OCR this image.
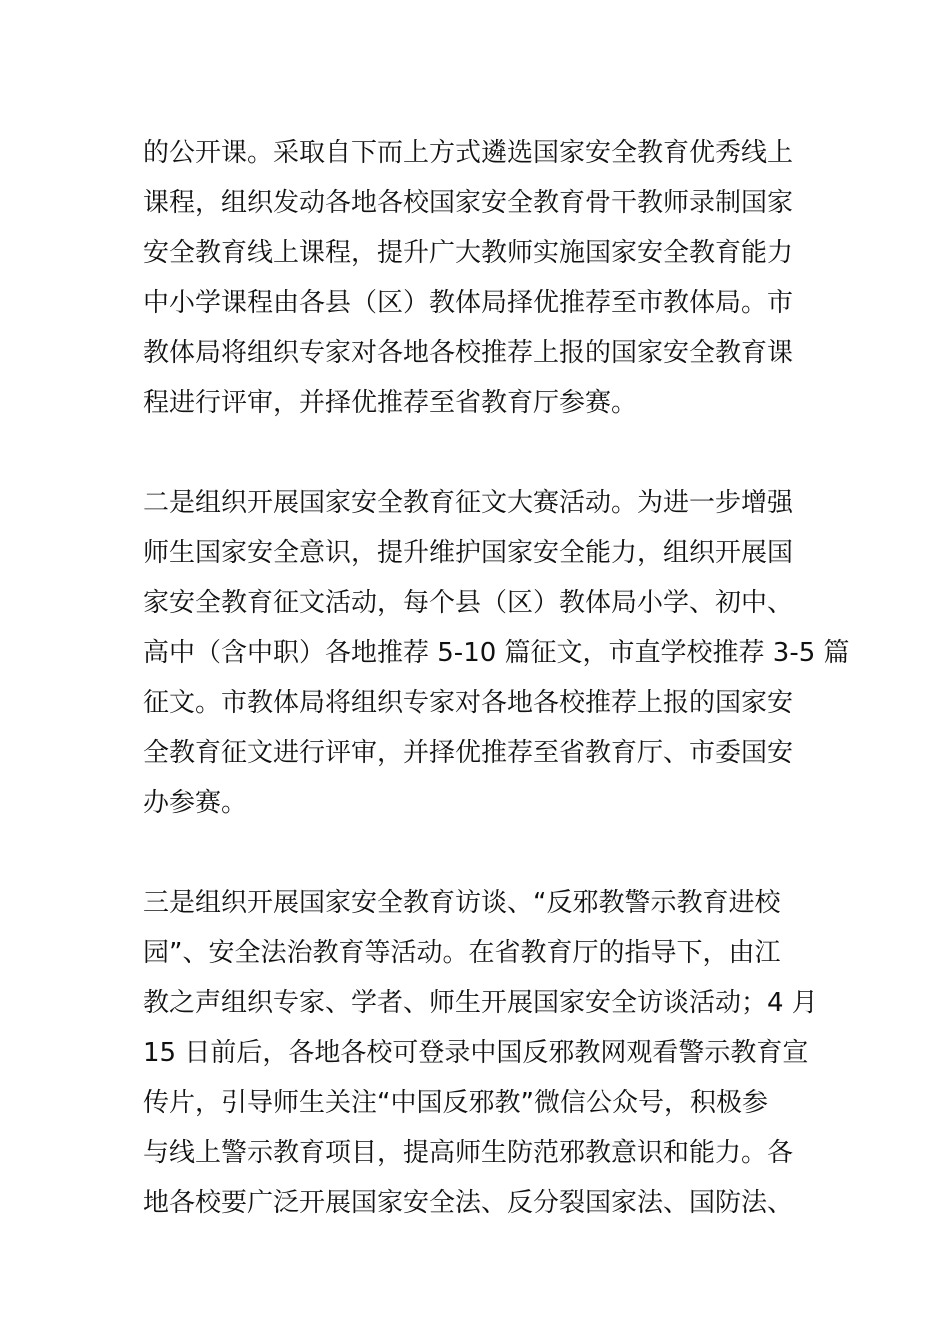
的公开课。采取自下而上方式遴选国家安全教育优秀线上
课程，组织发动各地各校国家安全教育骨干教师录制国家
安全教育线上课程，提升广大教师实施国家安全教育能力
中小学课程由各县（区）教体局择优推荐至市教体局。市
教体局将组织专家对各地各校推荐上报的国家安全教育课
程进行评审，并择优推荐至省教育厅参赛。

二是组织开展国家安全教育征文大赛活动。为进一步增强
师生国家安全意识，提升维护国家安全能力，组织开展国
家安全教育征文活动，每个县（区）教体局小学、初中、
高中（含中职）各地推荐 5-10 篇征文，市直学校推荐 3-5 篇
征文。市教体局将组织专家对各地各校推荐上报的国家安
全教育征文进行评审，并择优推荐至省教育厅、市委国安
办参赛。

三是组织开展国家安全教育访谈、“反邪教警示教育进校
园”、安全法治教育等活动。在省教育厅的指导下，由江
教之声组织专家、学者、师生开展国家安全访谈活动；4 月
15 日前后，各地各校可登录中国反邪教网观看警示教育宣
传片，引导师生关注“中国反邪教”微信公众号，积极参
与线上警示教育项目，提高师生防范邪教意识和能力。各
地各校要广泛开展国家安全法、反分裂国家法、国防法、
